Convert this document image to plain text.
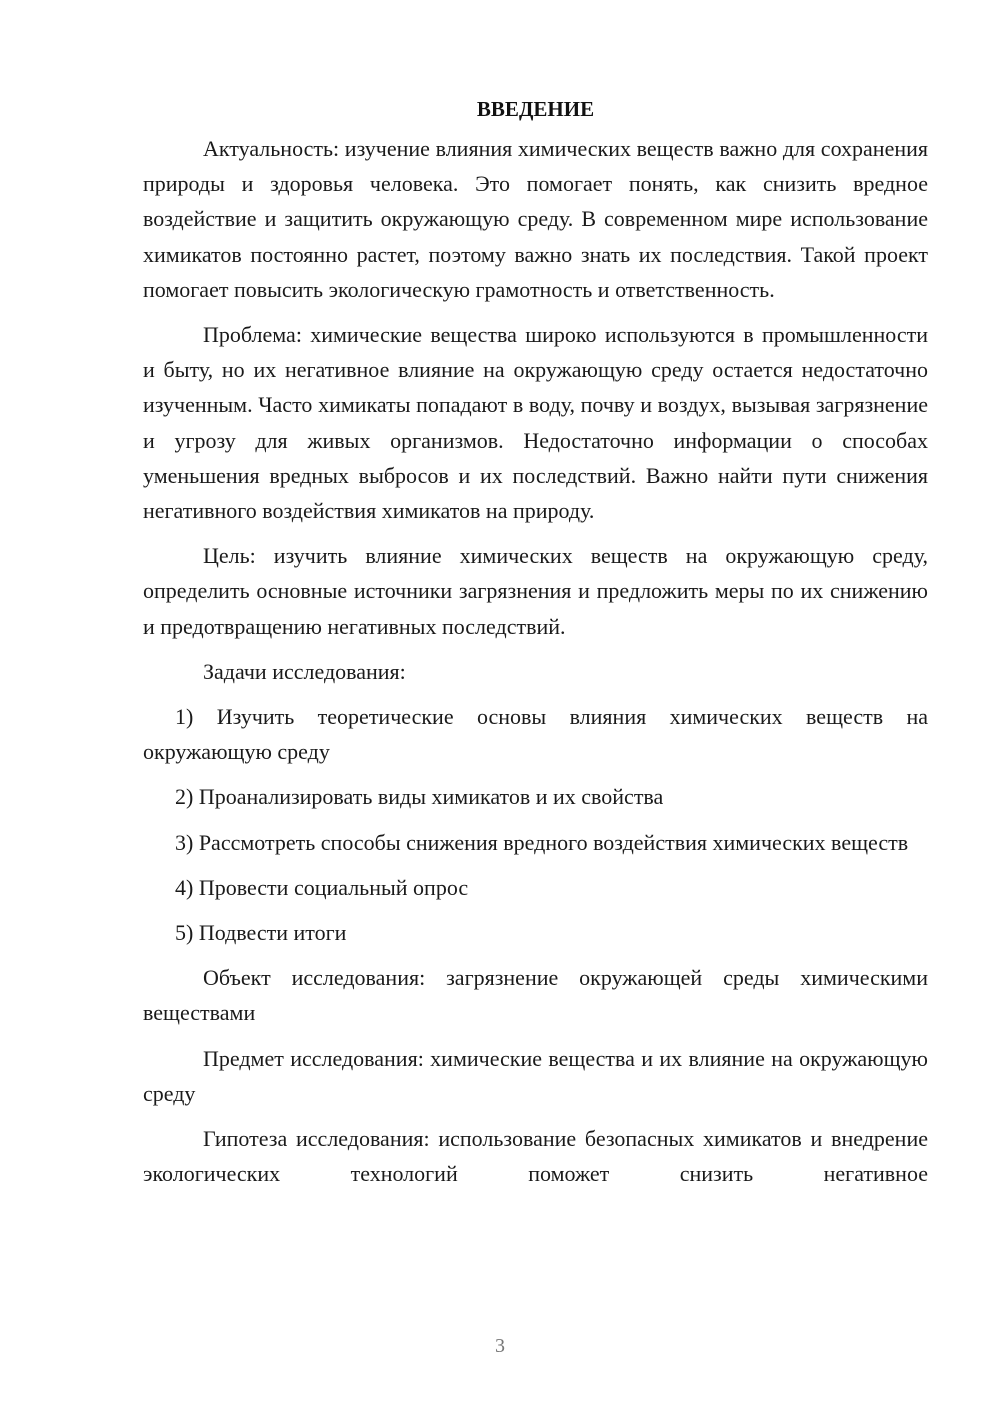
ВВЕДЕНИЕ

Актуальность: изучение влияния химических веществ важно для сохранения природы и здоровья человека. Это помогает понять, как снизить вредное воздействие и защитить окружающую среду. В современном мире использование химикатов постоянно растет, поэтому важно знать их последствия. Такой проект помогает повысить экологическую грамотность и ответственность.

Проблема: химические вещества широко используются в промышленности и быту, но их негативное влияние на окружающую среду остается недостаточно изученным. Часто химикаты попадают в воду, почву и воздух, вызывая загрязнение и угрозу для живых организмов. Недостаточно информации о способах уменьшения вредных выбросов и их последствий. Важно найти пути снижения негативного воздействия химикатов на природу.

Цель: изучить влияние химических веществ на окружающую среду, определить основные источники загрязнения и предложить меры по их снижению и предотвращению негативных последствий.

Задачи исследования:

1) Изучить теоретические основы влияния химических веществ на окружающую среду

2) Проанализировать виды химикатов и их свойства

3) Рассмотреть способы снижения вредного воздействия химических веществ

4) Провести социальный опрос

5) Подвести итоги

Объект исследования: загрязнение окружающей среды химическими веществами

Предмет исследования: химические вещества и их влияние на окружающую среду

Гипотеза исследования: использование безопасных химикатов и внедрение экологических технологий поможет снизить негативное

3
